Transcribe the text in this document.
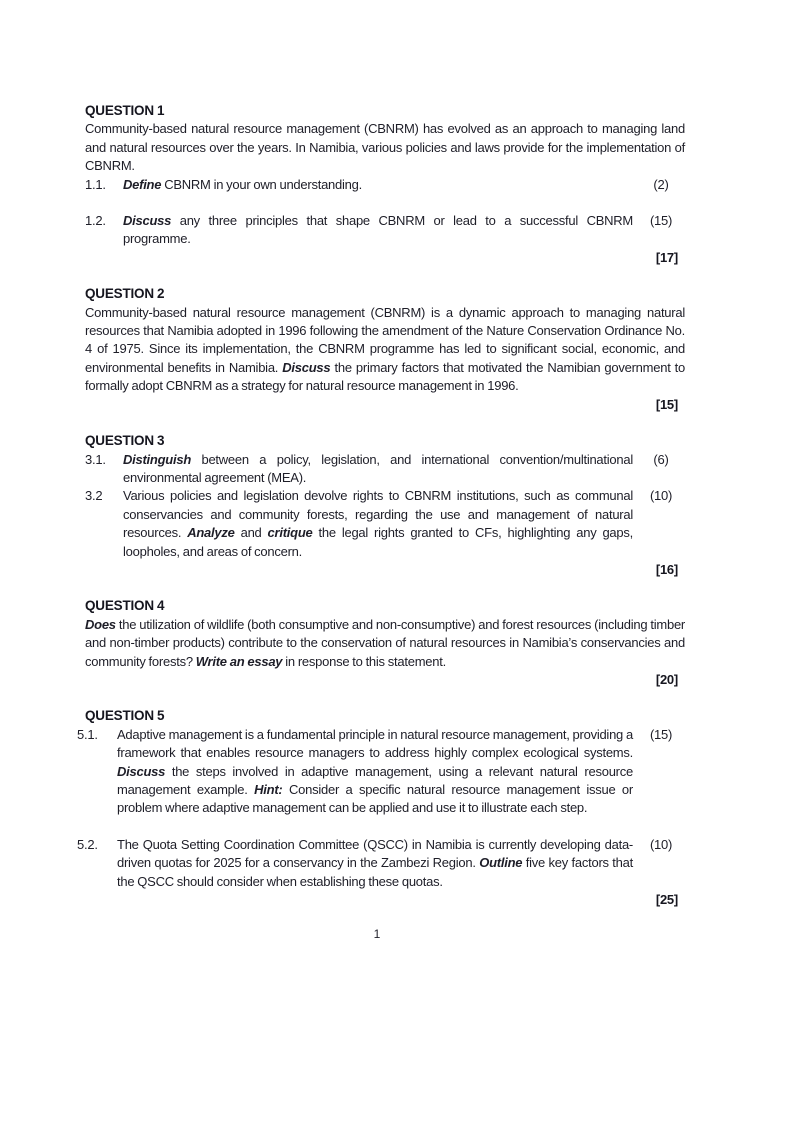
QUESTION 1

Community-based natural resource management (CBNRM) has evolved as an approach to managing land and natural resources over the years. In Namibia, various policies and laws provide for the implementation of CBNRM.

1.1.	Define CBNRM in your own understanding.	(2)
1.2.	Discuss any three principles that shape CBNRM or lead to a successful CBNRM programme.
(15)
[17]
QUESTION 2

Community-based natural resource management (CBNRM) is a dynamic approach to managing natural resources that Namibia adopted in 1996 following the amendment of the Nature Conservation Ordinance No. 4 of 1975. Since its implementation, the CBNRM programme has led to significant social, economic, and environmental benefits in Namibia. Discuss the primary factors that motivated the Namibian government to formally adopt CBNRM as a strategy for natural resource management in 1996.

[15]
QUESTION 3
3.1.	Distinguish between a policy, legislation, and international convention/multinational environmental agreement (MEA).
(6)
3.2	Various policies and legislation devolve rights to CBNRM institutions, such as communal conservancies and community forests, regarding the use and management of natural resources. Analyze and critique the legal rights granted to CFs, highlighting any gaps, loopholes, and areas of concern.
(10)
[16]
QUESTION 4

Does the utilization of wildlife (both consumptive and non-consumptive) and forest resources (including timber and non-timber products) contribute to the conservation of natural resources in Namibia’s conservancies and community forests? Write an essay in response to this statement.

[20]
QUESTION 5
5.1.	Adaptive management is a fundamental principle in natural resource management, providing a framework that enables resource managers to address highly complex ecological systems. Discuss the steps involved in adaptive management, using a relevant natural resource management example. Hint: Consider a specific natural resource management issue or problem where adaptive management can be applied and use it to illustrate each step.
(15)
5.2.	The Quota Setting Coordination Committee (QSCC) in Namibia is currently developing data-driven quotas for 2025 for a conservancy in the Zambezi Region. Outline five key factors that the QSCC should consider when establishing these quotas.
(10)
[25]
1
